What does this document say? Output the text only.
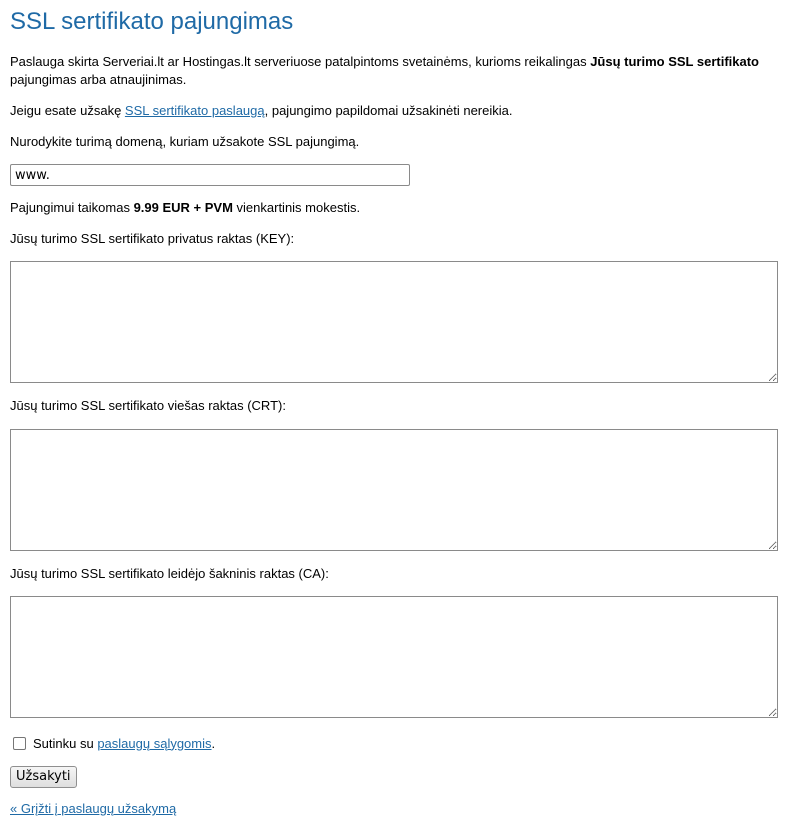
SSL sertifikato pajungimas

Paslauga skirta Serveriai.lt ar Hostingas.lt serveriuose patalpintoms svetainėms, kurioms reikalingas Jūsų turimo SSL sertifikato pajungimas arba atnaujinimas.

Jeigu esate užsakę SSL sertifikato paslaugą, pajungimo papildomai užsakinėti nereikia.

Nurodykite turimą domeną, kuriam užsakote SSL pajungimą.

www.

Pajungimui taikomas 9.99 EUR + PVM vienkartinis mokestis.

Jūsų turimo SSL sertifikato privatus raktas (KEY):

Jūsų turimo SSL sertifikato viešas raktas (CRT):

Jūsų turimo SSL sertifikato leidėjo šakninis raktas (CA):

Sutinku su paslaugų sąlygomis .
Užsakyti
« Grįžti į paslaugų užsakymą
